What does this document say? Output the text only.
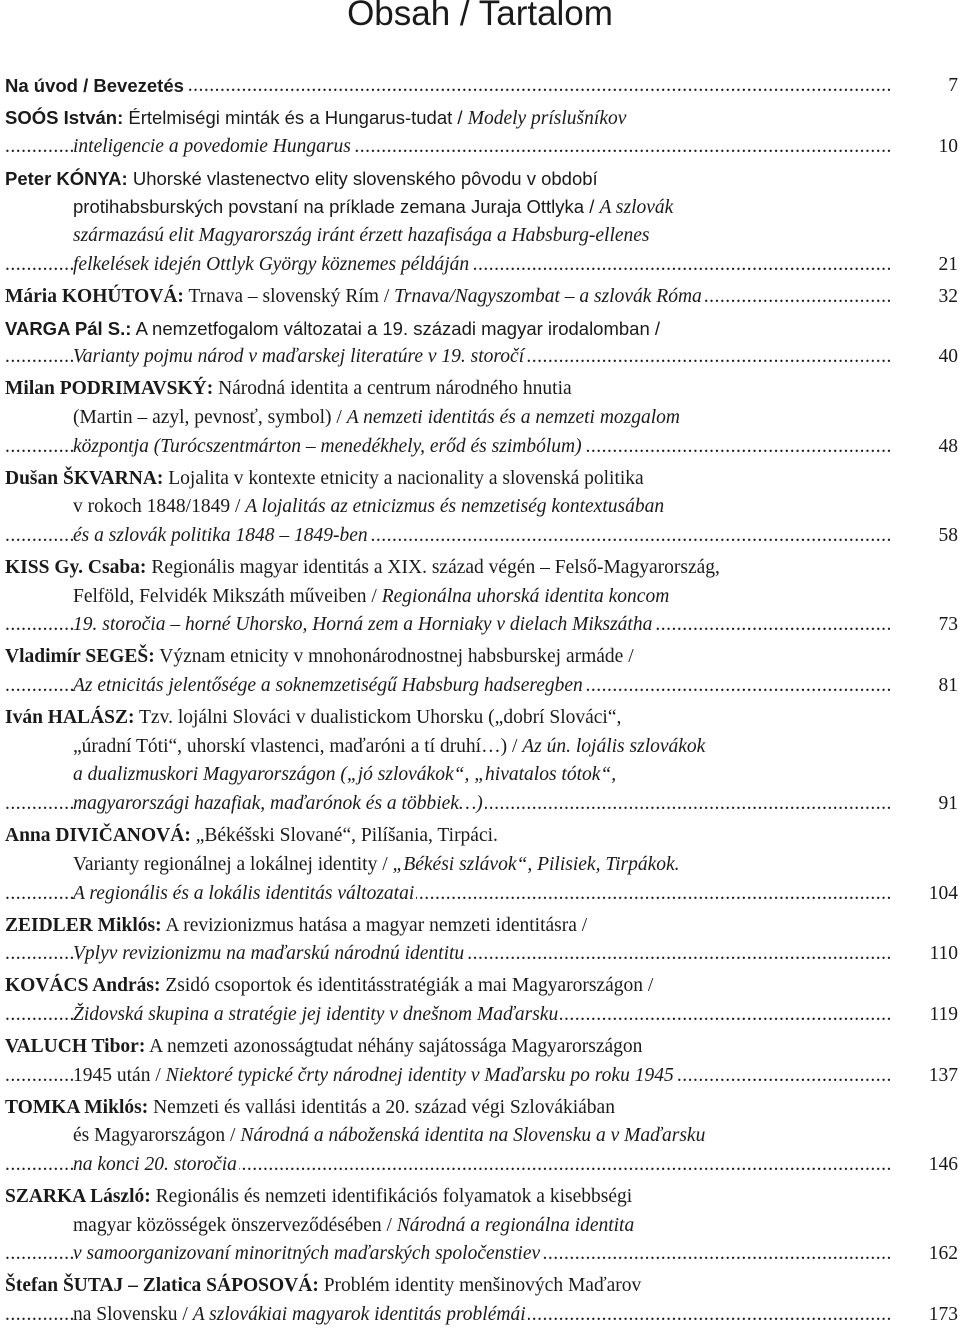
Obsah / Tartalom
.....
Na úvod / Bevezetés	7
SOÓS István: Értelmiségi minták és a Hungarus-tudat / Modely príslušníkov
.....
inteligencie a povedomie Hungarus	10
Peter KÓNYA: Uhorské vlastenectvo elity slovenského pôvodu v období
protihabsburských povstaní na príklade zemana Juraja Ottlyka / A szlovák
származású elit Magyarország iránt érzett hazafisága a Habsburg-ellenes
.....
felkelések idején Ottlyk György köznemes példáján	21
.....
Mária KOHÚTOVÁ: Trnava – slovenský Rím / Trnava/Nagyszombat – a szlovák Róma	32
VARGA Pál S.: A nemzetfogalom változatai a 19. századi magyar irodalomban /
.....
Varianty pojmu národ v maďarskej literatúre v 19. storočí	40
Milan PODRIMAVSKÝ: Národná identita a centrum národného hnutia
(Martin – azyl, pevnosť, symbol) / A nemzeti identitás és a nemzeti mozgalom
.....
központja (Turócszentmárton – menedékhely, erőd és szimbólum)	48
Dušan ŠKVARNA: Lojalita v kontexte etnicity a nacionality a slovenská politika
v rokoch 1848/1849 / A lojalitás az etnicizmus és nemzetiség kontextusában
.....
és a szlovák politika 1848 – 1849-ben	58
KISS Gy. Csaba: Regionális magyar identitás a XIX. század végén – Felső-Magyarország,
Felföld, Felvidék Mikszáth műveiben / Regionálna uhorská identita koncom
.....
19. storočia – horné Uhorsko, Horná zem a Horniaky v dielach Mikszátha	73
Vladimír SEGEŠ: Význam etnicity v mnohonárodnostnej habsburskej armáde /
.....
Az etnicitás jelentősége a soknemzetiségű Habsburg hadseregben	81
Iván HALÁSZ: Tzv. lojálni Slováci v dualistickom Uhorsku („dobrí Slováci“,
„úradní Tóti“, uhorskí vlastenci, maďaróni a tí druhí…) / Az ún. lojális szlovákok
a dualizmuskori Magyarországon („jó szlovákok“, „hivatalos tótok“,
.....
magyarországi hazafiak, maďarónok és a többiek…)	91
Anna DIVIČANOVÁ: „Békéšski Slované“, Pilíšania, Tirpáci.
Varianty regionálnej a lokálnej identity / „Békési szlávok“, Pilisiek, Tirpákok.
.....
A regionális és a lokális identitás változatai	104
ZEIDLER Miklós: A revizionizmus hatása a magyar nemzeti identitásra /
.....
Vplyv revizionizmu na maďarskú národnú identitu	110
KOVÁCS András: Zsidó csoportok és identitásstratégiák a mai Magyarországon /
.....
Židovská skupina a stratégie jej identity v dnešnom Maďarsku	119
VALUCH Tibor: A nemzeti azonosságtudat néhány sajátossága Magyarországon
.....
1945 után / Niektoré typické črty národnej identity v Maďarsku po roku 1945	137
TOMKA Miklós: Nemzeti és vallási identitás a 20. század végi Szlovákiában
és Magyarországon / Národná a náboženská identita na Slovensku a v Maďarsku
.....
na konci 20. storočia	146
SZARKA László: Regionális és nemzeti identifikációs folyamatok a kisebbségi
magyar közösségek önszerveződésében / Národná a regionálna identita
.....
v samoorganizovaní minoritných maďarských spoločenstiev	162
Štefan ŠUTAJ – Zlatica SÁPOSOVÁ: Problém identity menšinových Maďarov
.....
na Slovensku / A szlovákiai magyarok identitás problémái	173
